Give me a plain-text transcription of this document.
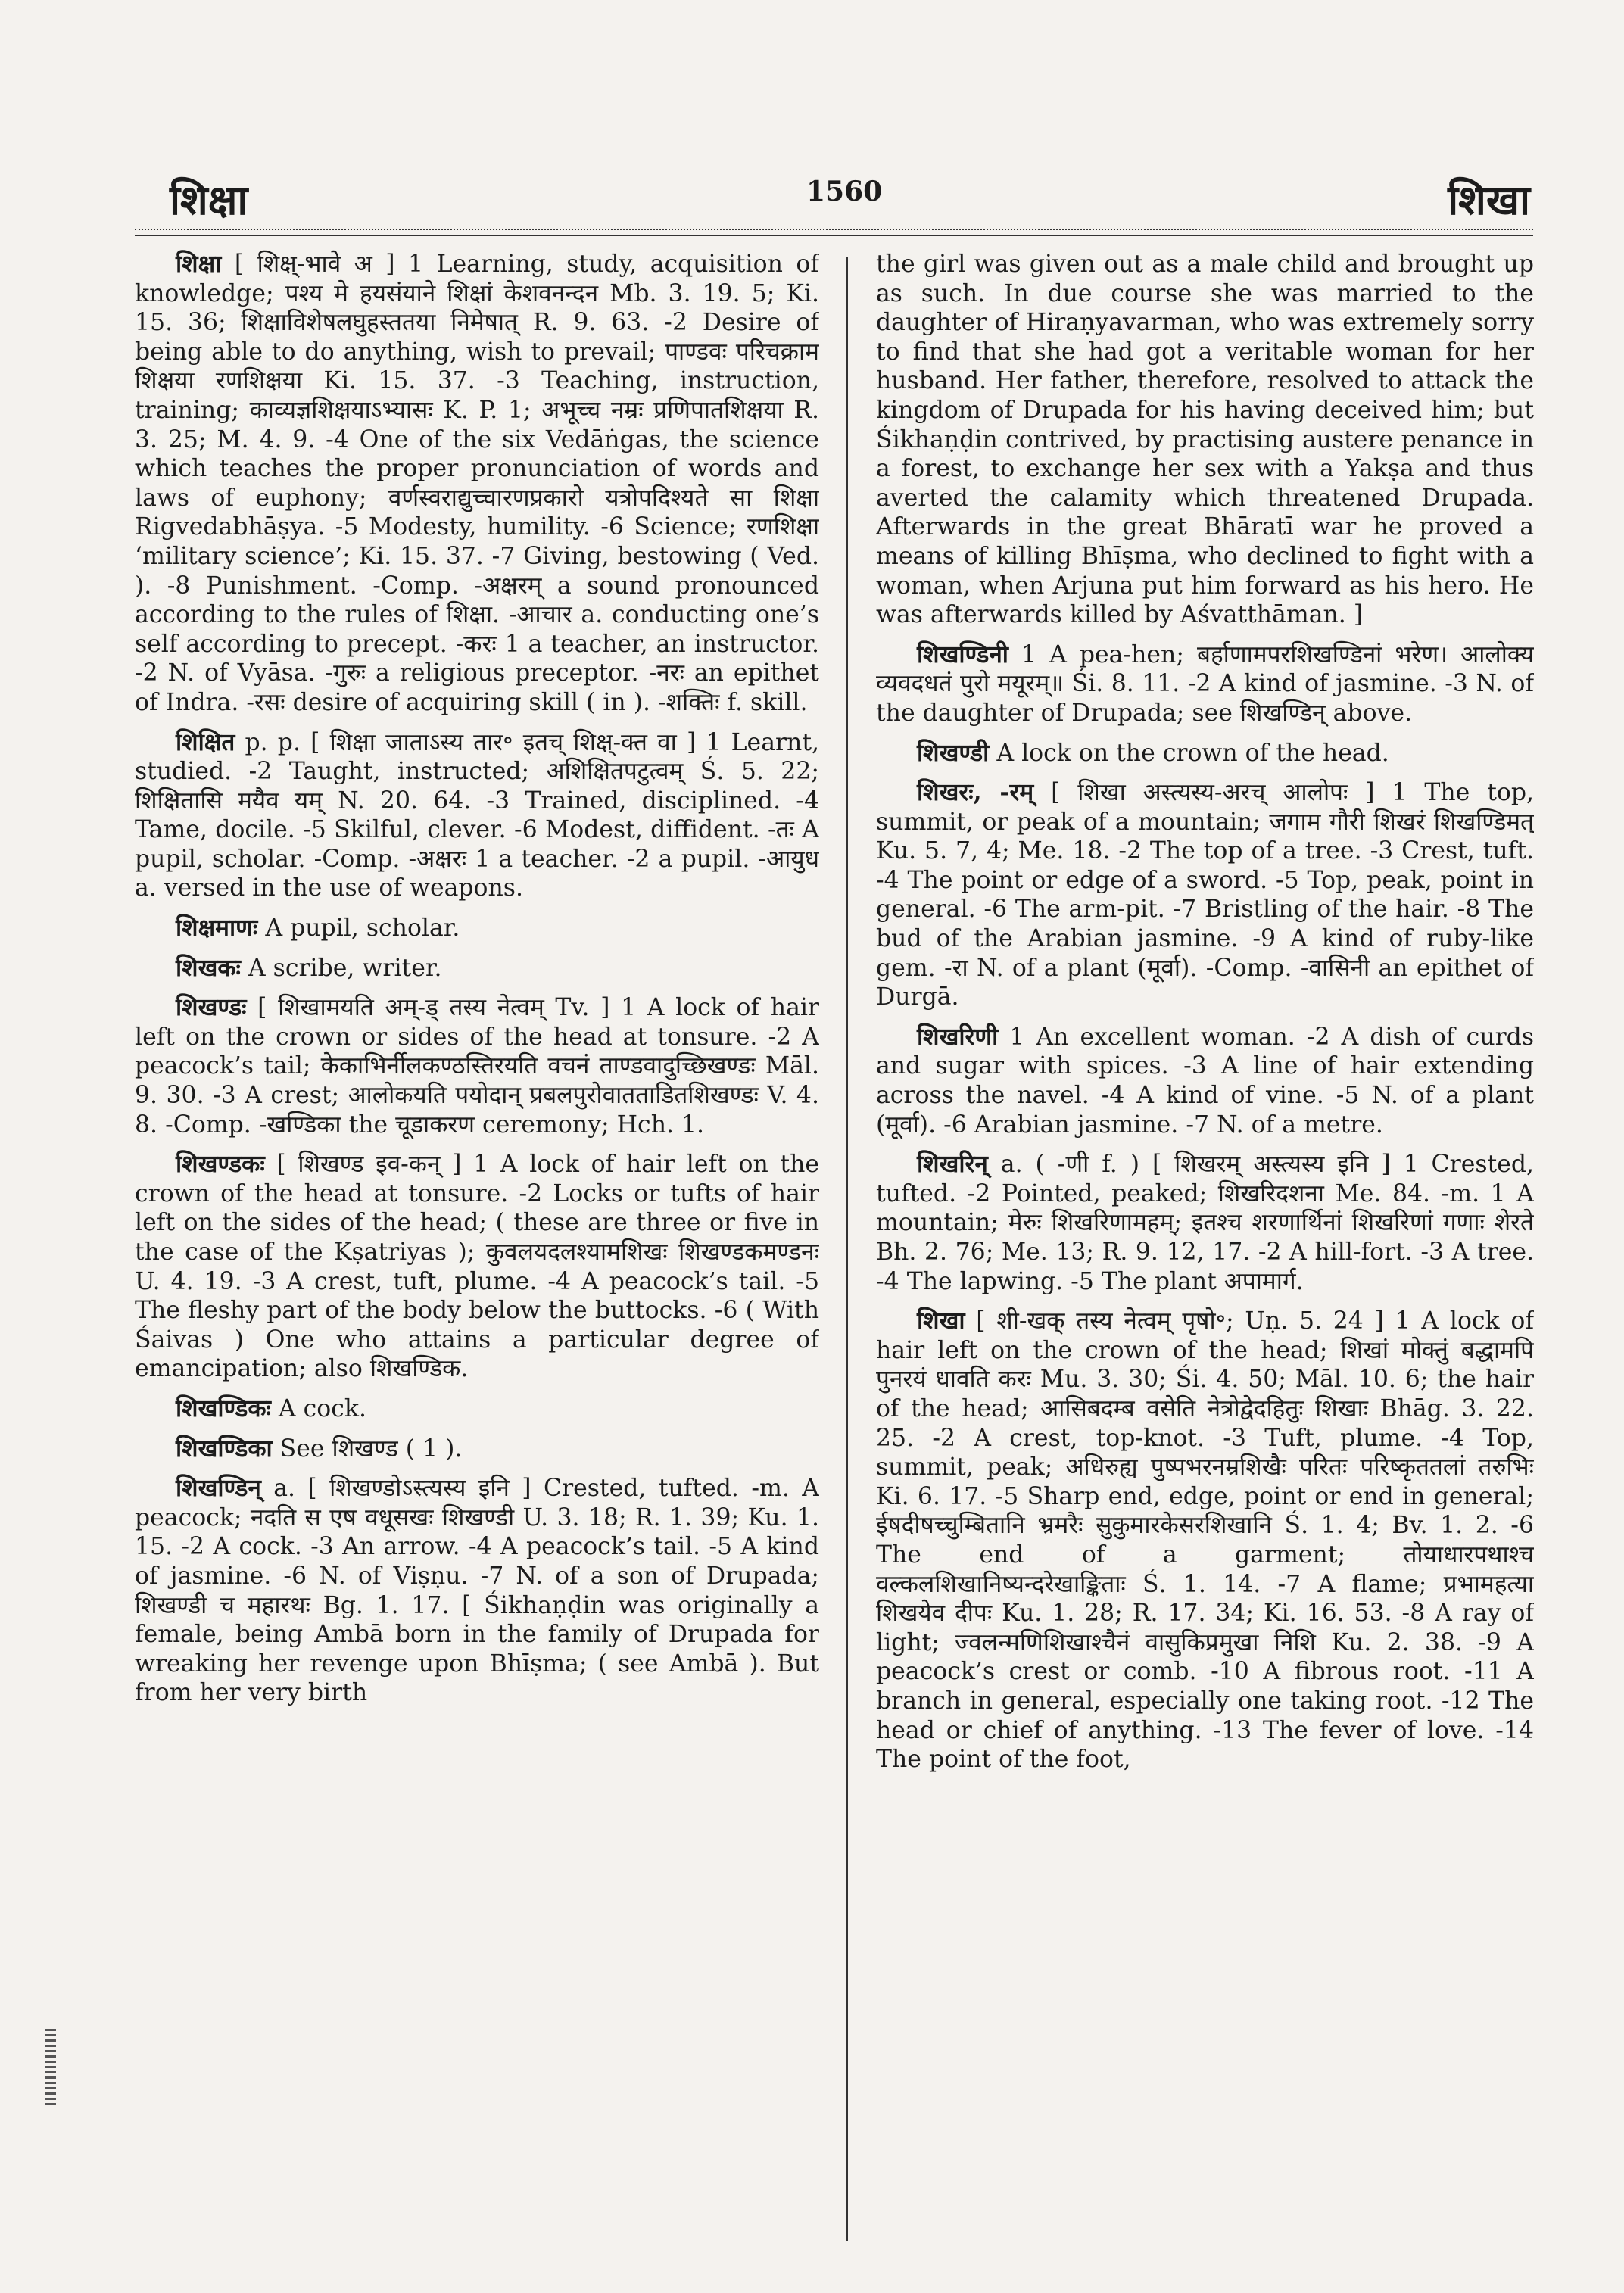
शिक्षा	1560	शिखा

शिक्षा [ शिक्ष्-भावे अ ] 1 Learning, study, acquisition of knowledge; पश्य मे हयसंयाने शिक्षां केशवनन्दन Mb. 3. 19. 5; Ki. 15. 36; शिक्षाविशेषलघुहस्ततया निमेषात् R. 9. 63. -2 Desire of being able to do anything, wish to prevail; पाण्डवः परिचक्राम शिक्षया रणशिक्षया Ki. 15. 37. -3 Teaching, instruction, training; काव्यज्ञशिक्षयाऽभ्यासः K. P. 1; अभूच्च नम्रः प्रणिपातशिक्षया R. 3. 25; M. 4. 9. -4 One of the six Vedāṅgas, the science which teaches the proper pronunciation of words and laws of euphony; वर्णस्वराद्युच्चारणप्रकारो यत्रोपदिश्यते सा शिक्षा Rigvedabhāṣya. -5 Modesty, humility. -6 Science; रणशिक्षा ‘military science’; Ki. 15. 37. -7 Giving, bestowing ( Ved. ). -8 Punishment. -Comp. -अक्षरम् a sound pronounced according to the rules of शिक्षा. -आचार a. conducting one’s self according to precept. -करः 1 a teacher, an instructor. -2 N. of Vyāsa. -गुरुः a religious preceptor. -नरः an epithet of Indra. -रसः desire of acquiring skill ( in ). -शक्तिः f. skill.

शिक्षित p. p. [ शिक्षा जाताऽस्य तार॰ इतच् शिक्ष्-क्त वा ] 1 Learnt, studied. -2 Taught, instructed; अशिक्षितपटुत्वम् Ś. 5. 22; शिक्षितासि मयैव यम् N. 20. 64. -3 Trained, disciplined. -4 Tame, docile. -5 Skilful, clever. -6 Modest, diffident. -तः A pupil, scholar. -Comp. -अक्षरः 1 a teacher. -2 a pupil. -आयुध a. versed in the use of weapons.

शिक्षमाणः A pupil, scholar.

शिखकः A scribe, writer.

शिखण्डः [ शिखामयति अम्-ड् तस्य नेत्वम् Tv. ] 1 A lock of hair left on the crown or sides of the head at tonsure. -2 A peacock’s tail; केकाभिर्नीलकण्ठस्तिरयति वचनं ताण्डवादुच्छिखण्डः Māl. 9. 30. -3 A crest; आलोकयति पयोदान् प्रबलपुरोवातताडितशिखण्डः V. 4. 8. -Comp. -खण्डिका the चूडाकरण ceremony; Hch. 1.

शिखण्डकः [ शिखण्ड इव-कन् ] 1 A lock of hair left on the crown of the head at tonsure. -2 Locks or tufts of hair left on the sides of the head; ( these are three or five in the case of the Kṣatriyas ); कुवलयदलश्यामशिखः शिखण्डकमण्डनः U. 4. 19. -3 A crest, tuft, plume. -4 A peacock’s tail. -5 The fleshy part of the body below the buttocks. -6 ( With Śaivas ) One who attains a particular degree of emancipation; also शिखण्डिक.

शिखण्डिकः A cock.

शिखण्डिका See शिखण्ड ( 1 ).

शिखण्डिन् a. [ शिखण्डोऽस्त्यस्य इनि ] Crested, tufted. -m. A peacock; नदति स एष वधूसखः शिखण्डी U. 3. 18; R. 1. 39; Ku. 1. 15. -2 A cock. -3 An arrow. -4 A peacock’s tail. -5 A kind of jasmine. -6 N. of Viṣṇu. -7 N. of a son of Drupada; शिखण्डी च महारथः Bg. 1. 17. [ Śikhaṇḍin was originally a female, being Ambā born in the family of Drupada for wreaking her revenge upon Bhīṣma; ( see Ambā ). But from her very birth

the girl was given out as a male child and brought up as such. In due course she was married to the daughter of Hiraṇyavarman, who was extremely sorry to find that she had got a veritable woman for her husband. Her father, therefore, resolved to attack the kingdom of Drupada for his having deceived him; but Śikhaṇḍin contrived, by practising austere penance in a forest, to exchange her sex with a Yakṣa and thus averted the calamity which threatened Drupada. Afterwards in the great Bhāratī war he proved a means of killing Bhīṣma, who declined to fight with a woman, when Arjuna put him forward as his hero. He was afterwards killed by Aśvatthāman. ]

शिखण्डिनी 1 A pea-hen; बर्हाणामपरशिखण्डिनां भरेण। आलोक्य व्यवदधतं पुरो मयूरम्॥ Śi. 8. 11. -2 A kind of jasmine. -3 N. of the daughter of Drupada; see शिखण्डिन् above.

शिखण्डी A lock on the crown of the head.

शिखरः, -रम् [ शिखा अस्त्यस्य-अरच् आलोपः ] 1 The top, summit, or peak of a mountain; जगाम गौरी शिखरं शिखण्डिमत् Ku. 5. 7, 4; Me. 18. -2 The top of a tree. -3 Crest, tuft. -4 The point or edge of a sword. -5 Top, peak, point in general. -6 The arm-pit. -7 Bristling of the hair. -8 The bud of the Arabian jasmine. -9 A kind of ruby-like gem. -रा N. of a plant (मूर्वा). -Comp. -वासिनी an epithet of Durgā.

शिखरिणी 1 An excellent woman. -2 A dish of curds and sugar with spices. -3 A line of hair extending across the navel. -4 A kind of vine. -5 N. of a plant (मूर्वा). -6 Arabian jasmine. -7 N. of a metre.

शिखरिन् a. ( -णी f. ) [ शिखरम् अस्त्यस्य इनि ] 1 Crested, tufted. -2 Pointed, peaked; शिखरिदशना Me. 84. -m. 1 A mountain; मेरुः शिखरिणामहम्; इतश्च शरणार्थिनां शिखरिणां गणाः शेरते Bh. 2. 76; Me. 13; R. 9. 12, 17. -2 A hill-fort. -3 A tree. -4 The lapwing. -5 The plant अपामार्ग.

शिखा [ शी-खक् तस्य नेत्वम् पृषो॰; Uṇ. 5. 24 ] 1 A lock of hair left on the crown of the head; शिखां मोक्तुं बद्धामपि पुनरयं धावति करः Mu. 3. 30; Śi. 4. 50; Māl. 10. 6; the hair of the head; आसिबदम्ब वसेति नेत्रोद्वेदहितुः शिखाः Bhāg. 3. 22. 25. -2 A crest, top-knot. -3 Tuft, plume. -4 Top, summit, peak; अधिरुह्य पुष्पभरनम्रशिखैः परितः परिष्कृततलां तरुभिः Ki. 6. 17. -5 Sharp end, edge, point or end in general; ईषदीषच्चुम्बितानि भ्रमरैः सुकुमारकेसरशिखानि Ś. 1. 4; Bv. 1. 2. -6 The end of a garment; तोयाधारपथाश्च वल्कलशिखानिष्यन्दरेखाङ्किताः Ś. 1. 14. -7 A flame; प्रभामहत्या शिखयेव दीपः Ku. 1. 28; R. 17. 34; Ki. 16. 53. -8 A ray of light; ज्वलन्मणिशिखाश्चैनं वासुकिप्रमुखा निशि Ku. 2. 38. -9 A peacock’s crest or comb. -10 A fibrous root. -11 A branch in general, especially one taking root. -12 The head or chief of anything. -13 The fever of love. -14 The point of the foot,
